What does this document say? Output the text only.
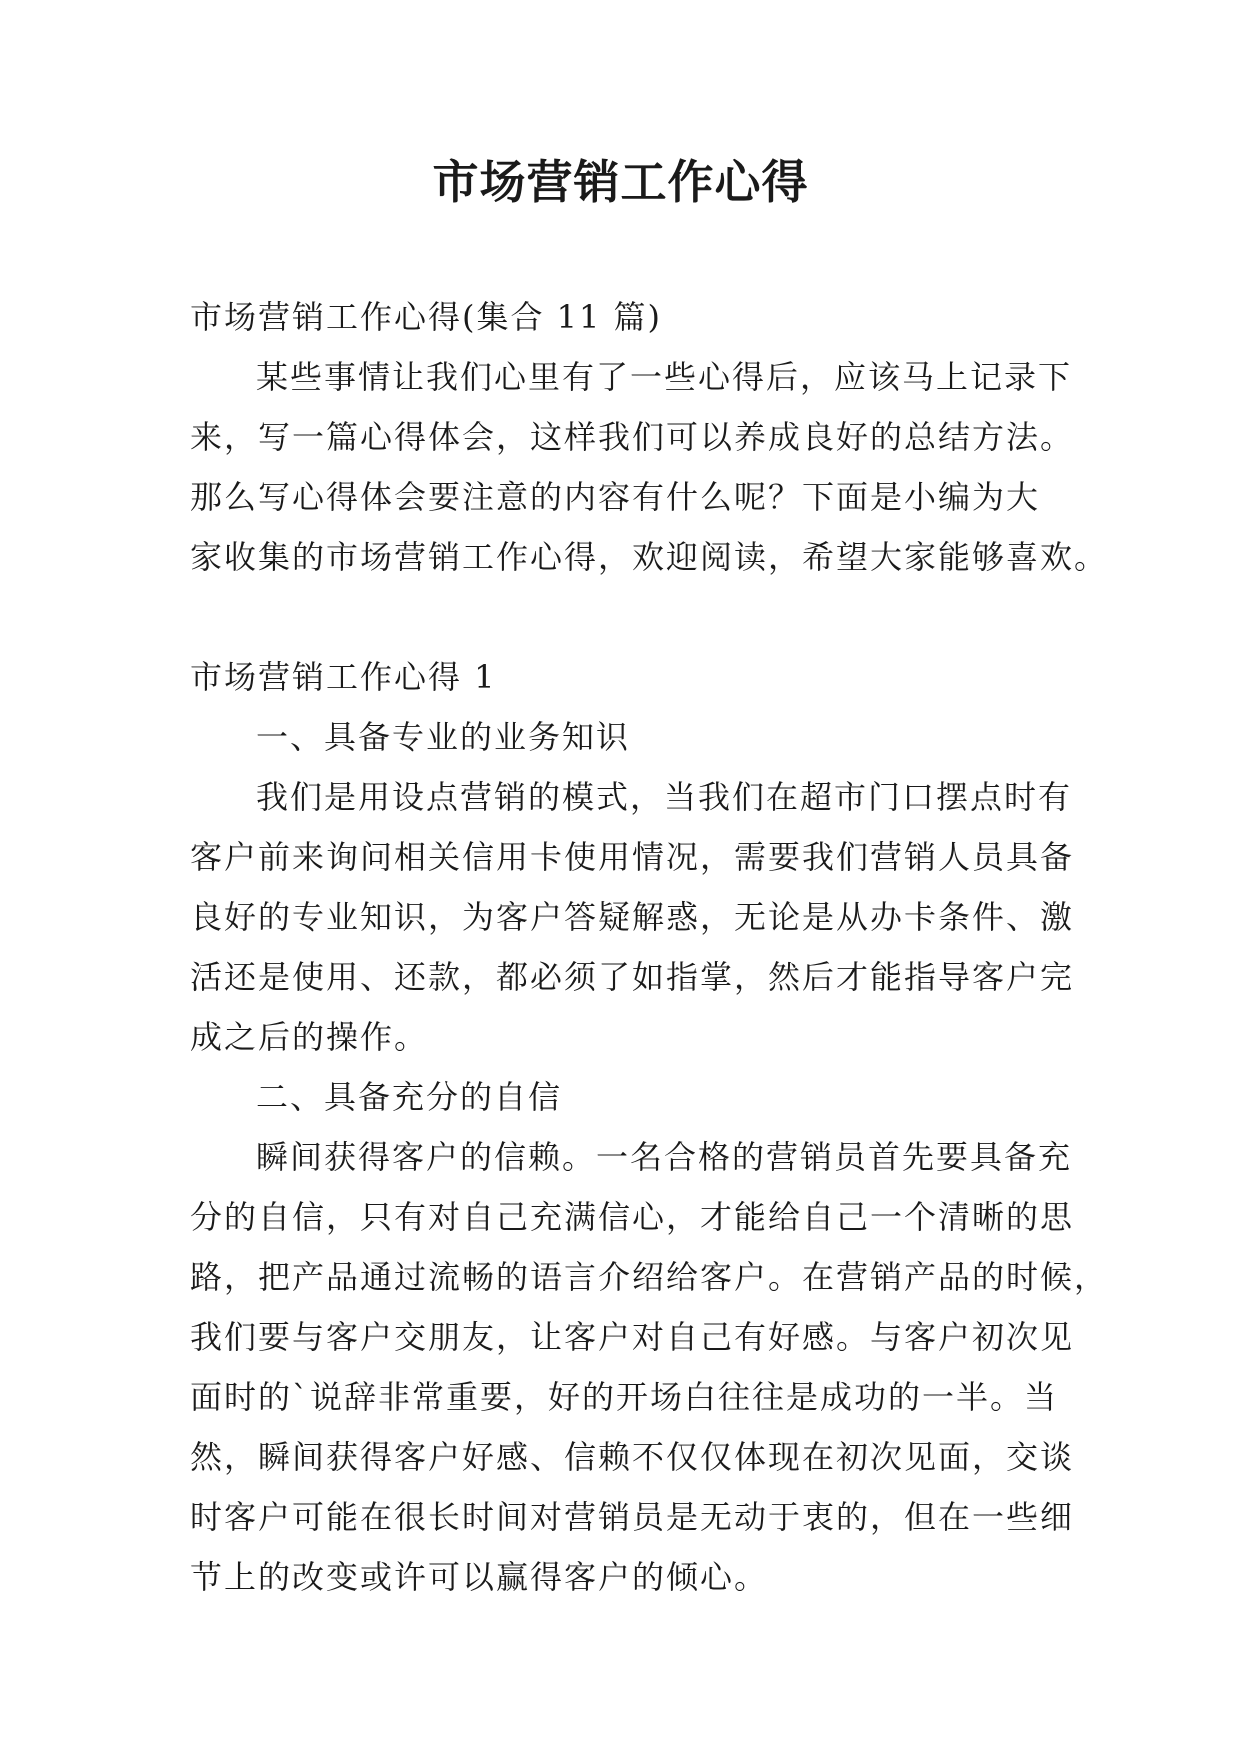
市场营销工作心得

市场营销工作心得(集合 11 篇)

某些事情让我们心里有了一些心得后，应该马上记录下

来，写一篇心得体会，这样我们可以养成良好的总结方法。

那么写心得体会要注意的内容有什么呢？下面是小编为大

家收集的市场营销工作心得，欢迎阅读，希望大家能够喜欢。

市场营销工作心得 1

一、具备专业的业务知识

我们是用设点营销的模式，当我们在超市门口摆点时有

客户前来询问相关信用卡使用情况，需要我们营销人员具备

良好的专业知识，为客户答疑解惑，无论是从办卡条件、激

活还是使用、还款，都必须了如指掌，然后才能指导客户完

成之后的操作。

二、具备充分的自信

瞬间获得客户的信赖。一名合格的营销员首先要具备充

分的自信，只有对自己充满信心，才能给自己一个清晰的思

路，把产品通过流畅的语言介绍给客户。在营销产品的时候，

我们要与客户交朋友，让客户对自己有好感。与客户初次见

面时的`说辞非常重要，好的开场白往往是成功的一半。当

然，瞬间获得客户好感、信赖不仅仅体现在初次见面，交谈

时客户可能在很长时间对营销员是无动于衷的，但在一些细

节上的改变或许可以赢得客户的倾心。
